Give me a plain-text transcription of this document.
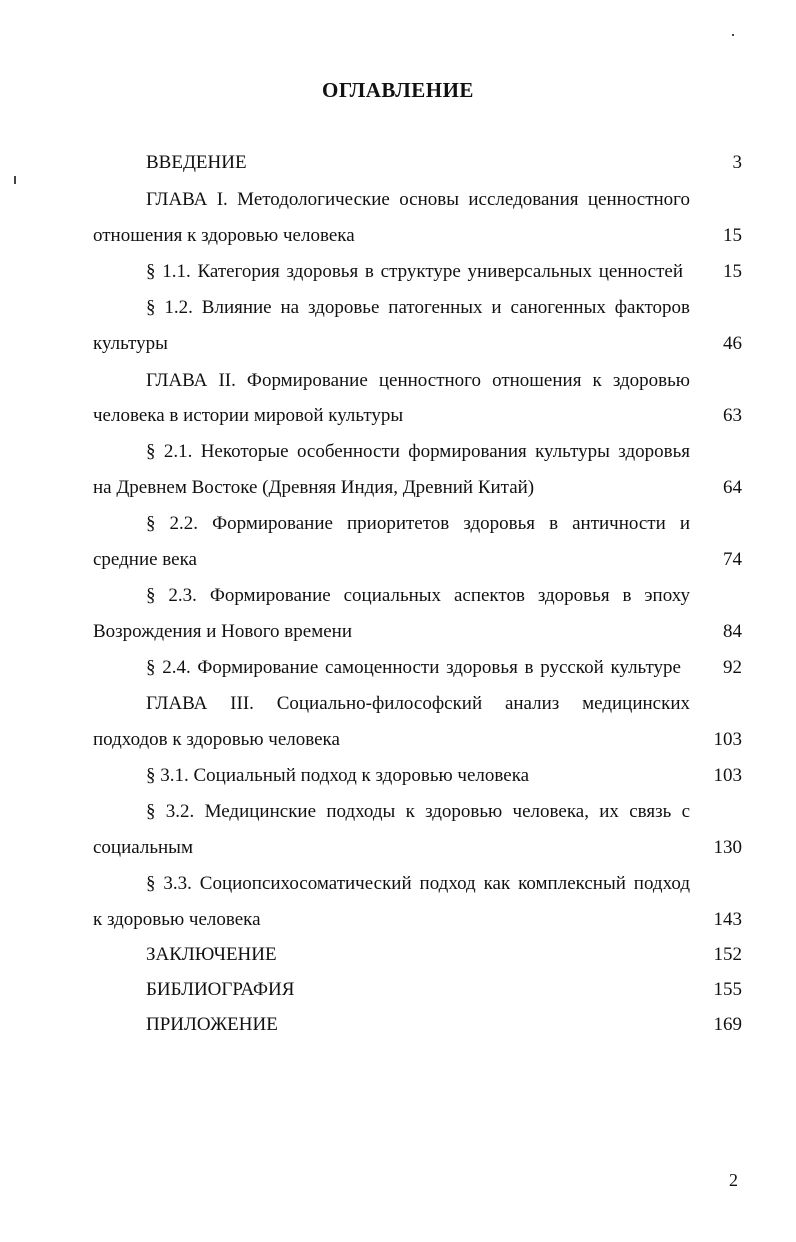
ОГЛАВЛЕНИЕ
ВВЕДЕНИЕ	3
ГЛАВА I. Методологические основы исследования ценностного
отношения к здоровью человека	15
§ 1.1. Категория здоровья в структуре универсальных ценностей	15
§ 1.2. Влияние на здоровье патогенных и саногенных факторов
культуры	46
ГЛАВА II. Формирование ценностного отношения к здоровью
человека в истории мировой культуры	63
§ 2.1. Некоторые особенности формирования культуры здоровья
на Древнем Востоке (Древняя Индия, Древний Китай)	64
§ 2.2. Формирование приоритетов здоровья в античности и
средние века	74
§ 2.3. Формирование социальных аспектов здоровья в эпоху
Возрождения и Нового времени	84
§ 2.4. Формирование самоценности здоровья в русской культуре	92
ГЛАВА III. Социально-философский анализ медицинских
подходов к здоровью человека	103
§ 3.1. Социальный подход к здоровью человека	103
§ 3.2. Медицинские подходы к здоровью человека, их связь с
социальным	130
§ 3.3. Социопсихосоматический подход как комплексный подход
к здоровью человека	143
ЗАКЛЮЧЕНИЕ	152
БИБЛИОГРАФИЯ	155
ПРИЛОЖЕНИЕ	169
2
